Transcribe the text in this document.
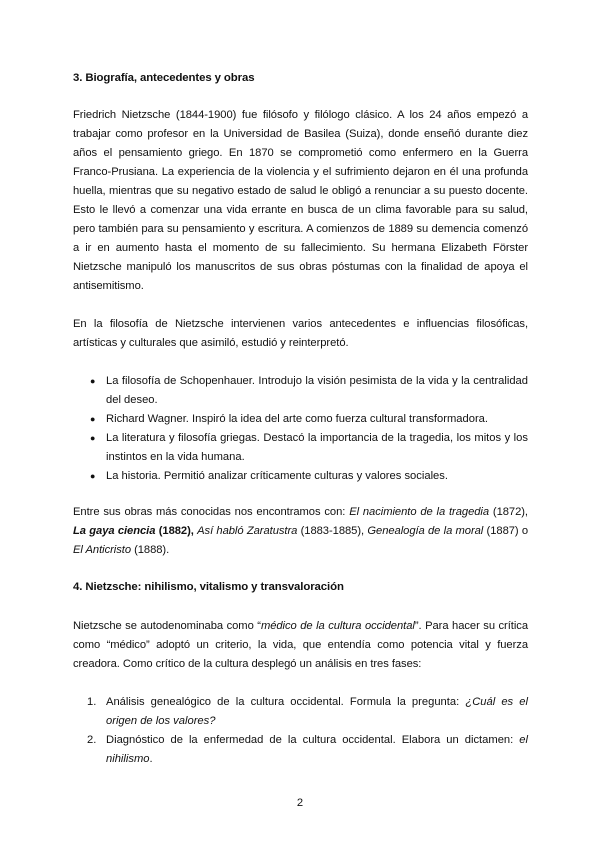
3. Biografía, antecedentes y obras

Friedrich Nietzsche (1844-1900) fue filósofo y filólogo clásico. A los 24 años empezó a trabajar como profesor en la Universidad de Basilea (Suiza), donde enseñó durante diez años el pensamiento griego. En 1870 se comprometió como enfermero en la Guerra Franco-Prusiana. La experiencia de la violencia y el sufrimiento dejaron en él una profunda huella, mientras que su negativo estado de salud le obligó a renunciar a su puesto docente. Esto le llevó a comenzar una vida errante en busca de un clima favorable para su salud, pero también para su pensamiento y escritura. A comienzos de 1889 su demencia comenzó a ir en aumento hasta el momento de su fallecimiento. Su hermana Elizabeth Förster Nietzsche manipuló los manuscritos de sus obras póstumas con la finalidad de apoya el antisemitismo.

En la filosofía de Nietzsche intervienen varios antecedentes e influencias filosóficas, artísticas y culturales que asimiló, estudió y reinterpretó.

● La filosofía de Schopenhauer. Introdujo la visión pesimista de la vida y la centralidad del deseo.
● Richard Wagner. Inspiró la idea del arte como fuerza cultural transformadora.
● La literatura y filosofía griegas. Destacó la importancia de la tragedia, los mitos y los instintos en la vida humana.
● La historia. Permitió analizar críticamente culturas y valores sociales.

Entre sus obras más conocidas nos encontramos con: El nacimiento de la tragedia (1872), La gaya ciencia (1882), Así habló Zaratustra (1883-1885), Genealogía de la moral (1887) o El Anticristo (1888).

4. Nietzsche: nihilismo, vitalismo y transvaloración

Nietzsche se autodenominaba como “médico de la cultura occidental”. Para hacer su crítica como “médico” adoptó un criterio, la vida, que entendía como potencia vital y fuerza creadora. Como crítico de la cultura desplegó un análisis en tres fases:

1. Análisis genealógico de la cultura occidental. Formula la pregunta: ¿Cuál es el origen de los valores?
2. Diagnóstico de la enfermedad de la cultura occidental. Elabora un dictamen: el nihilismo.
2
